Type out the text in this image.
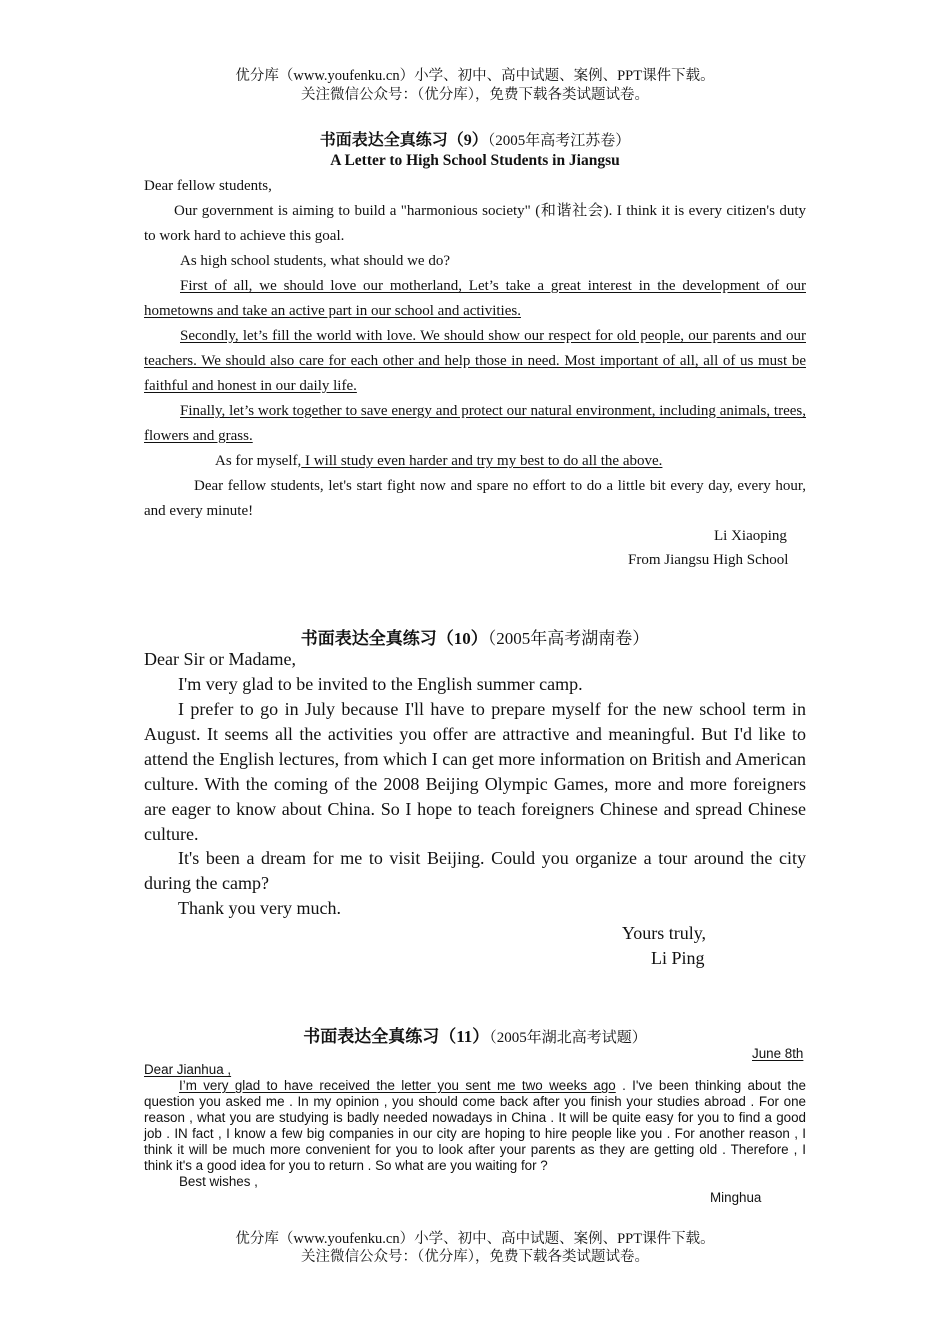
优分库（www.youfenku.cn）小学、初中、高中试题、案例、PPT课件下载。
关注微信公众号：（优分库），免费下载各类试题试卷。
书面表达全真练习（9）（2005年高考江苏卷）
A Letter to High School Students in Jiangsu
Dear fellow students,
Our government is aiming to build a "harmonious society" (和谐社会). I think it is every citizen's duty to work hard to achieve this goal.
As high school students, what should we do?
First of all, we should love our motherland, Let’s take a great interest in the development of our hometowns and take an active part in our school and activities.
Secondly, let’s fill the world with love. We should show our respect for old people, our parents and our teachers. We should also care for each other and help those in need. Most important of all, all of us must be faithful and honest in our daily life.
Finally, let’s work together to save energy and protect our natural environment, including animals, trees, flowers and grass.
As for myself, I will study even harder and try my best to do all the above.
Dear fellow students, let's start fight now and spare no effort to do a little bit every day, every hour, and every minute!
Li Xiaoping
From Jiangsu High School
书面表达全真练习（10）（2005年高考湖南卷）
Dear Sir or Madame,
I'm very glad to be invited to the English summer camp.
I prefer to go in July because I'll have to prepare myself for the new school term in August. It seems all the activities you offer are attractive and meaningful. But I'd like to attend the English lectures, from which I can get more information on British and American culture. With the coming of the 2008 Beijing Olympic Games, more and more foreigners are eager to know about China. So I hope to teach foreigners Chinese and spread Chinese culture.
It's been a dream for me to visit Beijing. Could you organize a tour around the city during the camp?
Thank you very much.
Yours truly,
Li Ping
书面表达全真练习（11）（2005年湖北高考试题）
June 8th
Dear Jianhua ,
I’m very glad to have received the letter you sent me two weeks ago . I've been thinking about the question you asked me . In my opinion , you should come back after you finish your studies abroad . For one reason , what you are studying is badly needed nowadays in China . It will be quite easy for you to find a good job . IN fact , I know a few big companies in our city are hoping to hire people like you . For another reason , I think it will be much more convenient for you to look after your parents as they are getting old . Therefore , I think it's a good idea for you to return . So what are you waiting for ?
Best wishes ,
Minghua
优分库（www.youfenku.cn）小学、初中、高中试题、案例、PPT课件下载。
关注微信公众号：（优分库），免费下载各类试题试卷。
